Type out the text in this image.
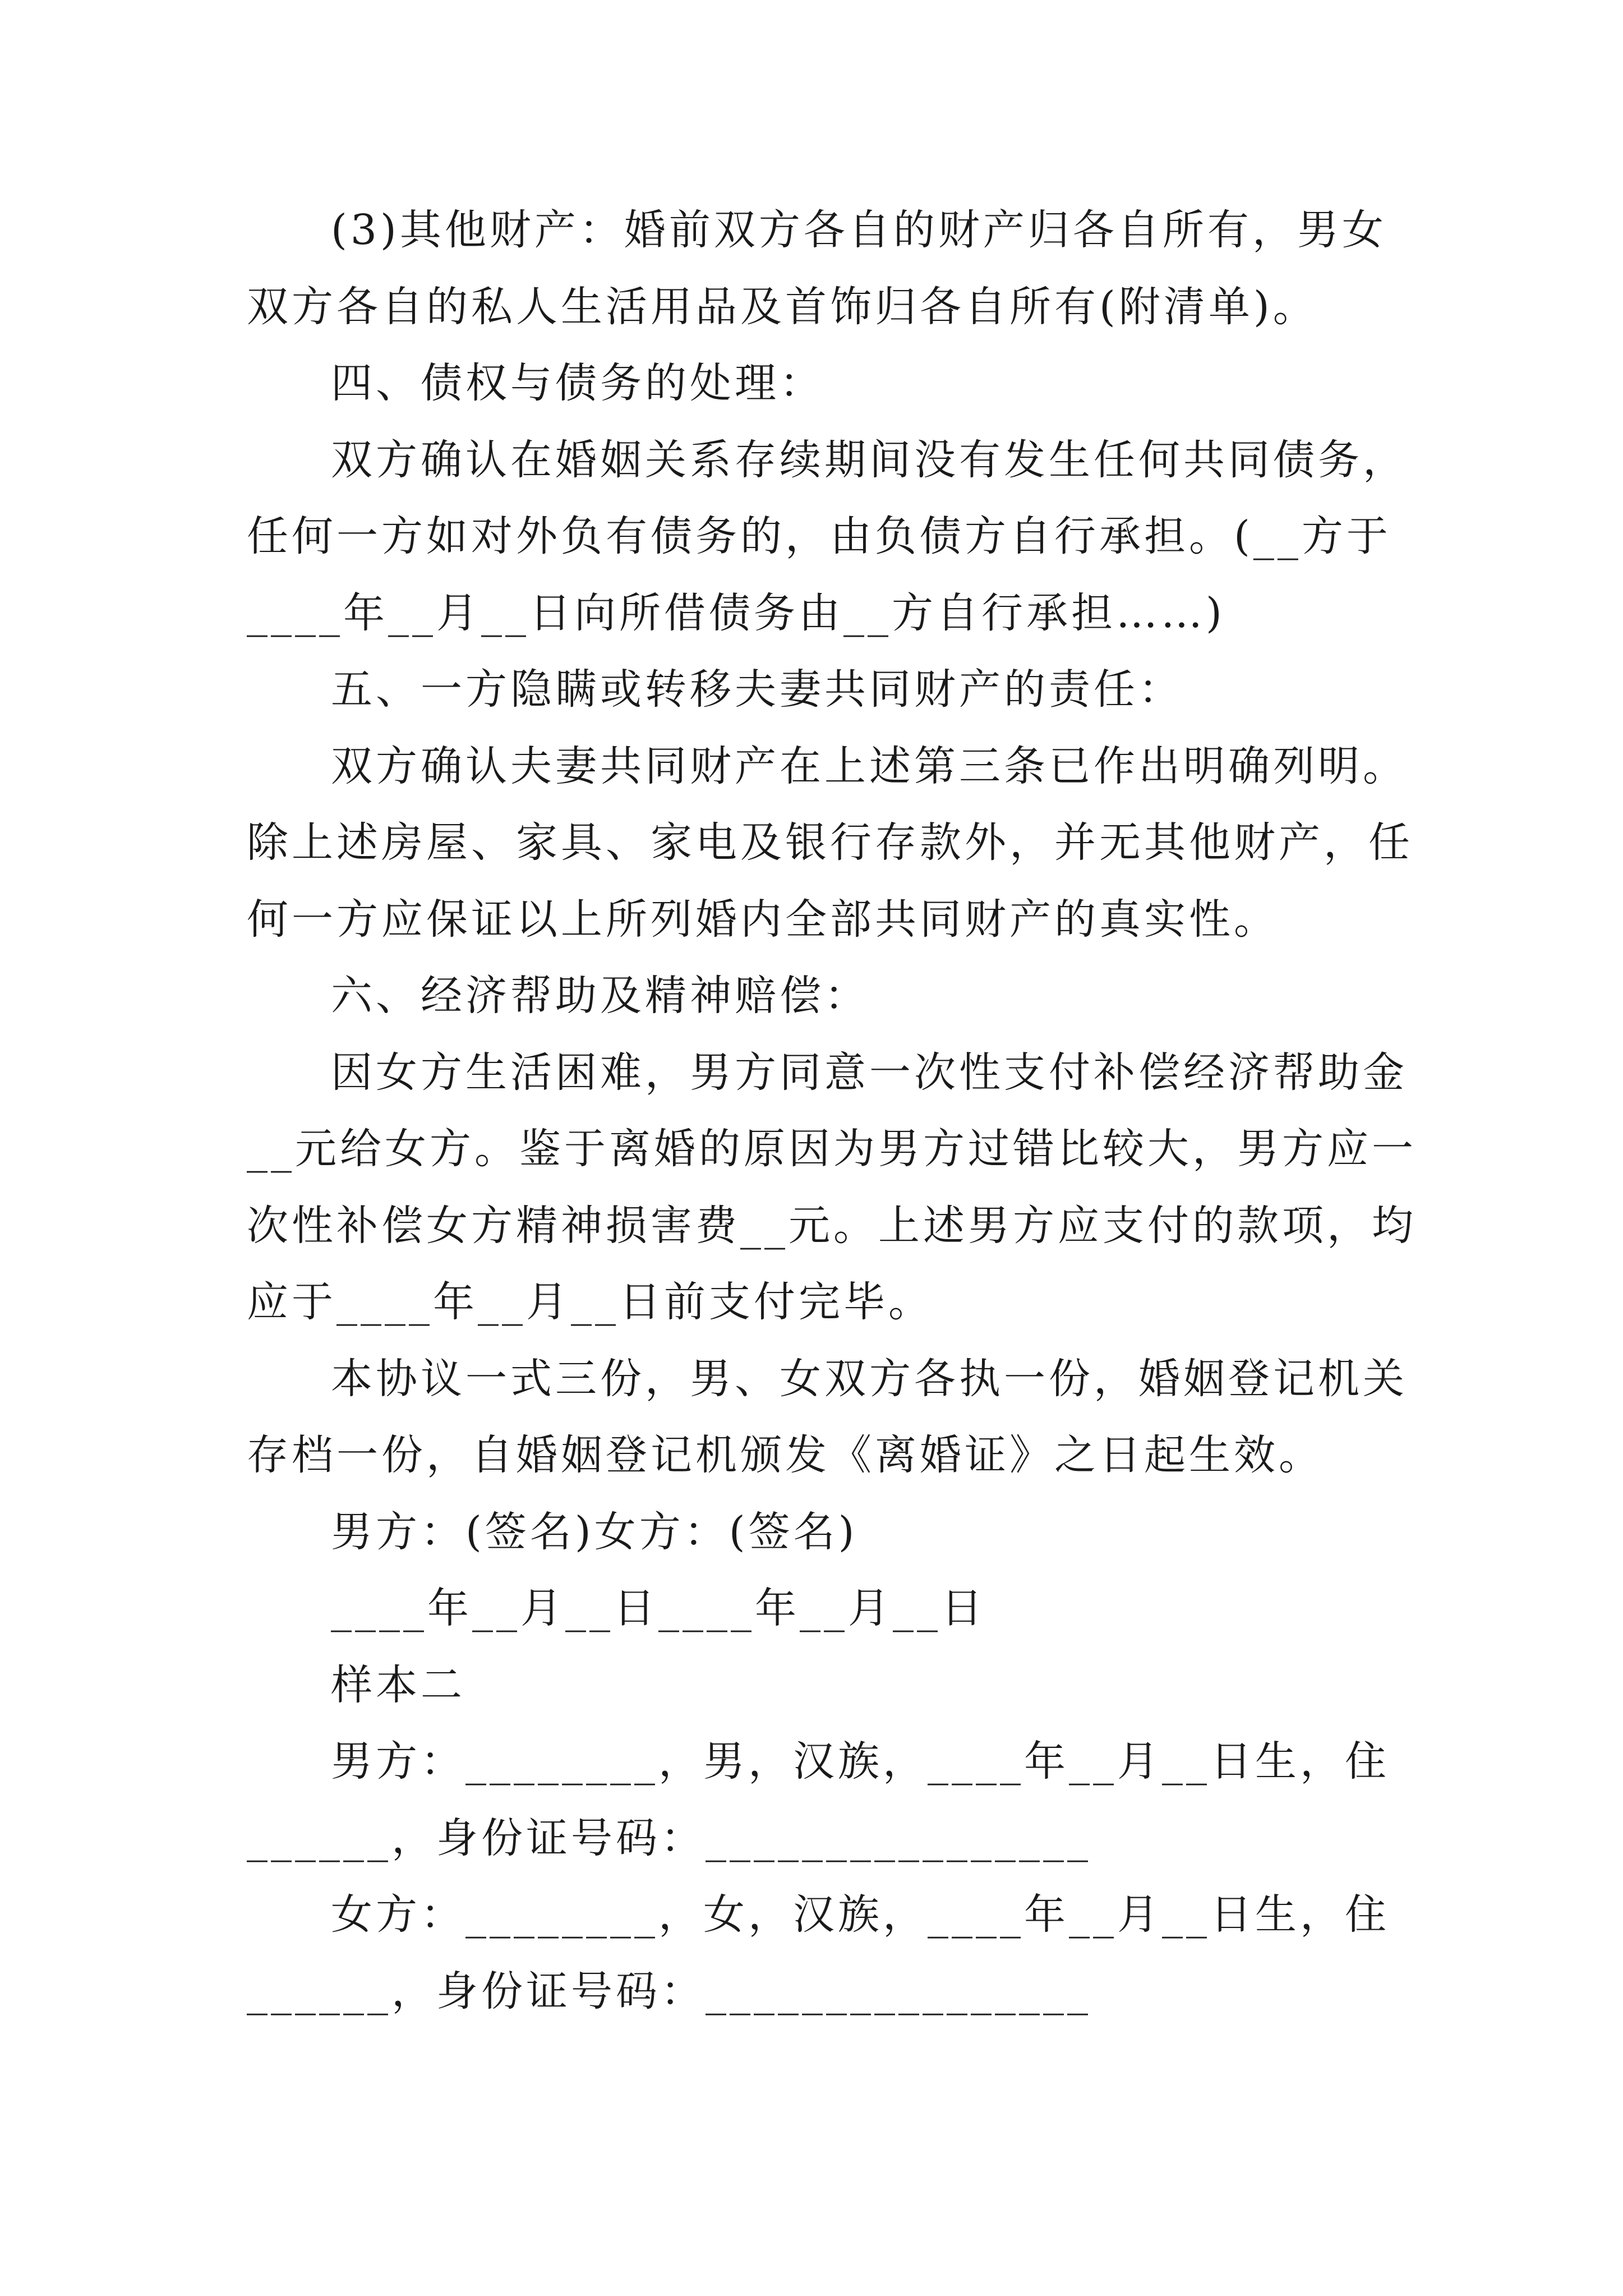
(3)其他财产：婚前双方各自的财产归各自所有，男女
双方各自的私人生活用品及首饰归各自所有(附清单)。
四、债权与债务的处理：
双方确认在婚姻关系存续期间没有发生任何共同债务，
任何一方如对外负有债务的，由负债方自行承担。(__方于
____年__月__日向所借债务由__方自行承担……)
五、一方隐瞒或转移夫妻共同财产的责任：
双方确认夫妻共同财产在上述第三条已作出明确列明。
除上述房屋、家具、家电及银行存款外，并无其他财产，任
何一方应保证以上所列婚内全部共同财产的真实性。
六、经济帮助及精神赔偿：
因女方生活困难，男方同意一次性支付补偿经济帮助金
__元给女方。鉴于离婚的原因为男方过错比较大，男方应一
次性补偿女方精神损害费__元。上述男方应支付的款项，均
应于____年__月__日前支付完毕。
本协议一式三份，男、女双方各执一份，婚姻登记机关
存档一份，自婚姻登记机颁发《离婚证》之日起生效。
男方：(签名)女方：(签名)
____年__月__日____年__月__日
样本二
男方：________，男，汉族，____年__月__日生，住
______，身份证号码：________________
女方：________，女，汉族，____年__月__日生，住
______，身份证号码：________________
